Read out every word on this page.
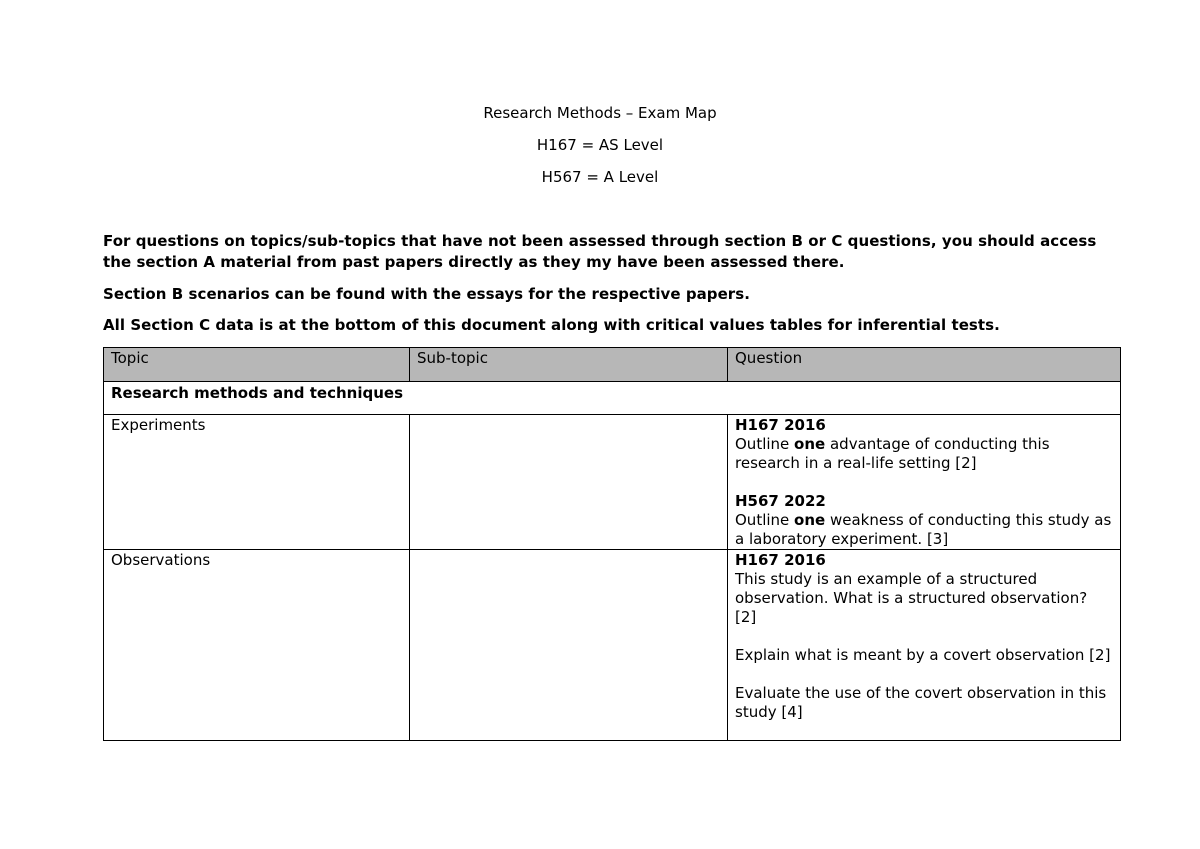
Research Methods – Exam Map
H167 = AS Level
H567 = A Level
For questions on topics/sub-topics that have not been assessed through section B or C questions, you should access the section A material from past papers directly as they my have been assessed there.
Section B scenarios can be found with the essays for the respective papers.
All Section C data is at the bottom of this document along with critical values tables for inferential tests.
Topic	Sub-topic	Question
Research methods and techniques		

Experiments		H167 2016
Outline one advantage of conducting this research in a real-life setting [2]
H567 2022
Outline one weakness of conducting this study as a laboratory experiment. [3]

Observations		H167 2016
This study is an example of a structured observation. What is a structured observation? [2]
Explain what is meant by a covert observation [2]
Evaluate the use of the covert observation in this study [4]
